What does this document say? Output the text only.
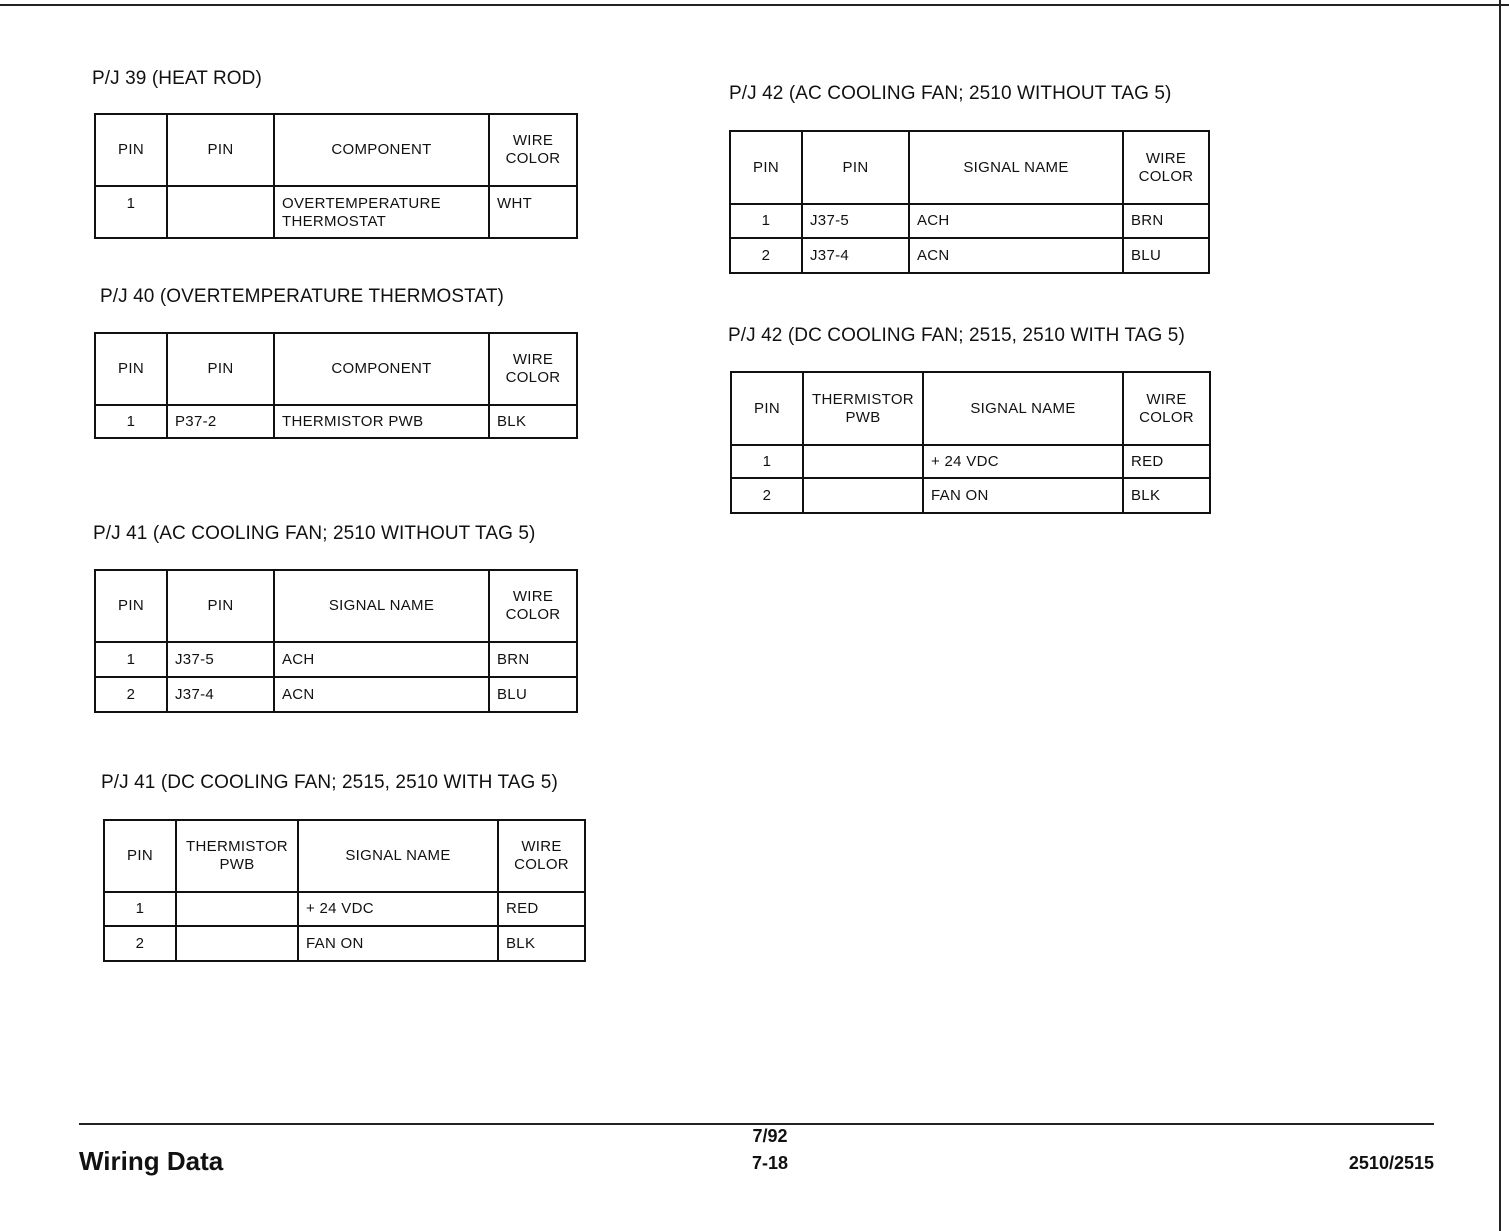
P/J 39 (HEAT ROD)
PIN	PIN	COMPONENT	WIRE COLOR
1		OVERTEMPERATURE THERMOSTAT	WHT
P/J 40 (OVERTEMPERATURE THERMOSTAT)
PIN	PIN	COMPONENT	WIRE COLOR
1	P37-2	THERMISTOR PWB	BLK
P/J 41 (AC COOLING FAN; 2510 WITHOUT TAG 5)
PIN	PIN	SIGNAL NAME	WIRE COLOR
1	J37-5	ACH	BRN
2	J37-4	ACN	BLU
P/J 41 (DC COOLING FAN; 2515, 2510 WITH TAG 5)
PIN	THERMISTOR PWB	SIGNAL NAME	WIRE COLOR
1		+ 24 VDC	RED
2		FAN ON	BLK
P/J 42 (AC COOLING FAN; 2510 WITHOUT TAG 5)
PIN	PIN	SIGNAL NAME	WIRE COLOR
1	J37-5	ACH	BRN
2	J37-4	ACN	BLU
P/J 42 (DC COOLING FAN; 2515, 2510 WITH TAG 5)
PIN	THERMISTOR PWB	SIGNAL NAME	WIRE COLOR
1		+ 24 VDC	RED
2		FAN ON	BLK
Wiring Data
7/92
7-18	2510/2515
